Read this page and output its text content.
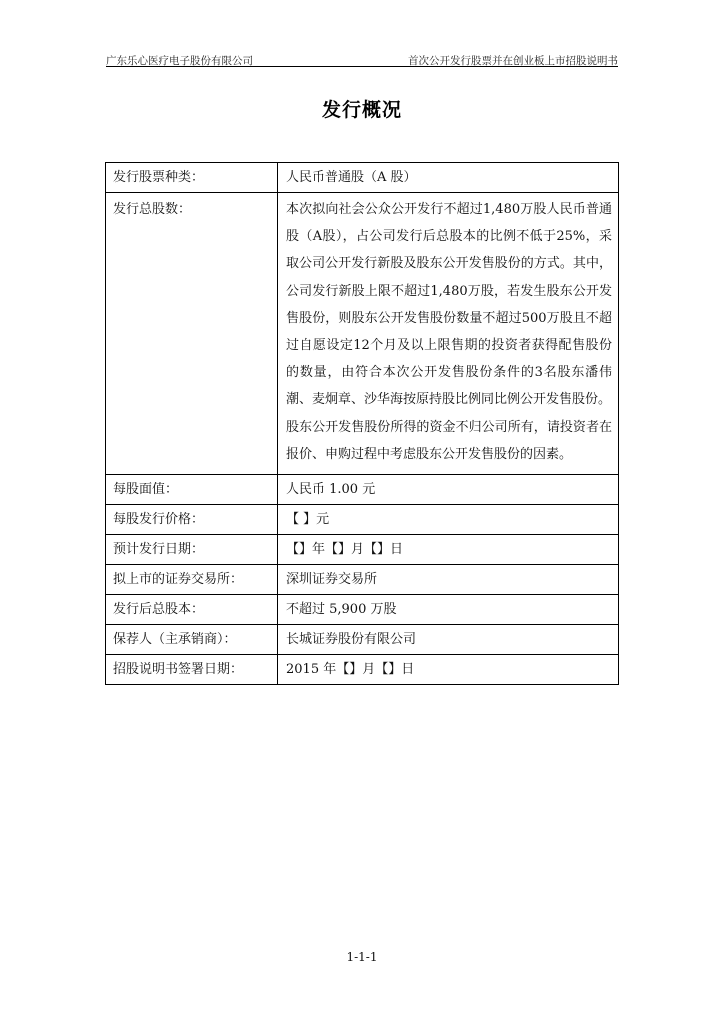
广东乐心医疗电子股份有限公司	首次公开发行股票并在创业板上市招股说明书
发行概况
发行股票种类：	人民币普通股（A 股）
发行总股数：	本次拟向社会公众公开发行不超过1,480万股人民币普通股（A股），占公司发行后总股本的比例不低于25%，采取公司公开发行新股及股东公开发售股份的方式。其中，公司发行新股上限不超过1,480万股，若发生股东公开发售股份，则股东公开发售股份数量不超过500万股且不超过自愿设定12个月及以上限售期的投资者获得配售股份的数量，由符合本次公开发售股份条件的3名股东潘伟潮、麦炯章、沙华海按原持股比例同比例公开发售股份。
股东公开发售股份所得的资金不归公司所有，请投资者在报价、申购过程中考虑股东公开发售股份的因素。

每股面值：	人民币 1.00 元
每股发行价格：	【 】元
预计发行日期：	【】年【】月【】日
拟上市的证券交易所：	深圳证券交易所
发行后总股本：	不超过 5,900 万股
保荐人（主承销商）：	长城证券股份有限公司
招股说明书签署日期：	2015 年【】月【】日
1-1-1
